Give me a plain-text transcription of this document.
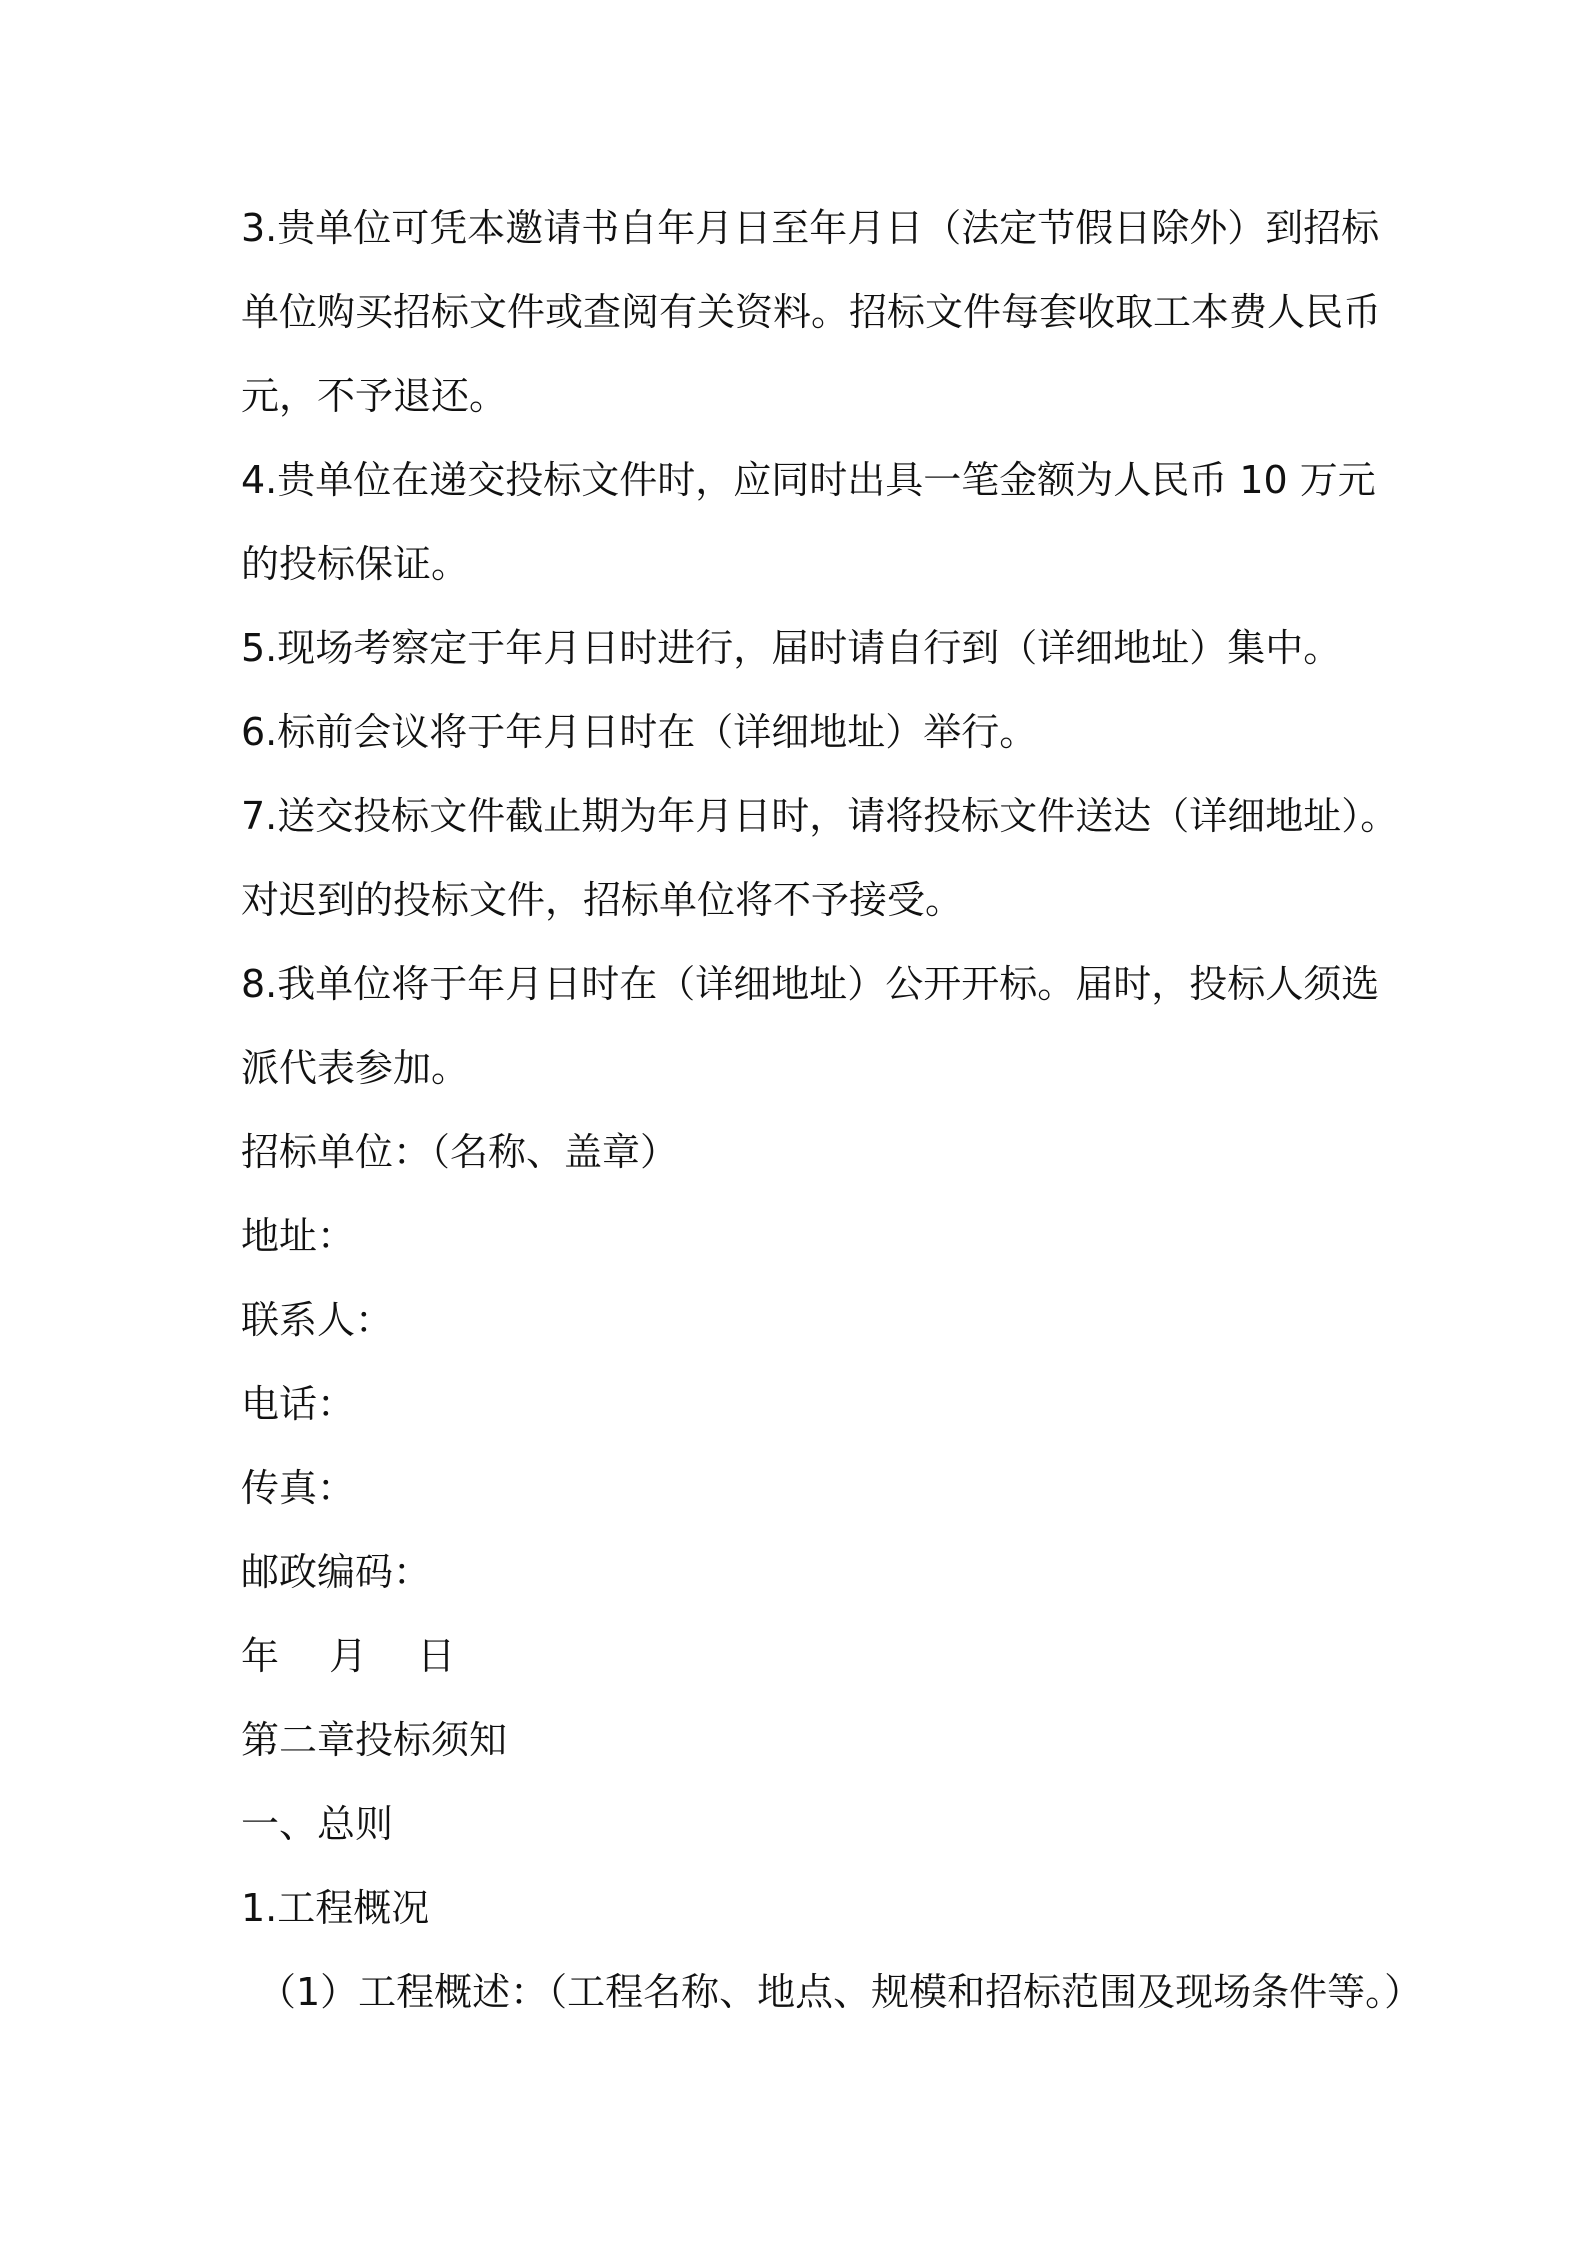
3.贵单位可凭本邀请书自年月日至年月日（法定节假日除外）到招标
单位购买招标文件或查阅有关资料。招标文件每套收取工本费人民币
元，不予退还。
4.贵单位在递交投标文件时，应同时出具一笔金额为人民币 10 万元
的投标保证。
5.现场考察定于年月日时进行，届时请自行到（详细地址）集中。
6.标前会议将于年月日时在（详细地址）举行。
7.送交投标文件截止期为年月日时，请将投标文件送达（详细地址）。
对迟到的投标文件，招标单位将不予接受。
8.我单位将于年月日时在（详细地址）公开开标。届时，投标人须选
派代表参加。
招标单位：（名称、盖章）
地址：
联系人：
电话：
传真：
邮政编码：
年 月 日
第二章投标须知
一、总则
1.工程概况
（1）工程概述：（工程名称、地点、规模和招标范围及现场条件等。）
